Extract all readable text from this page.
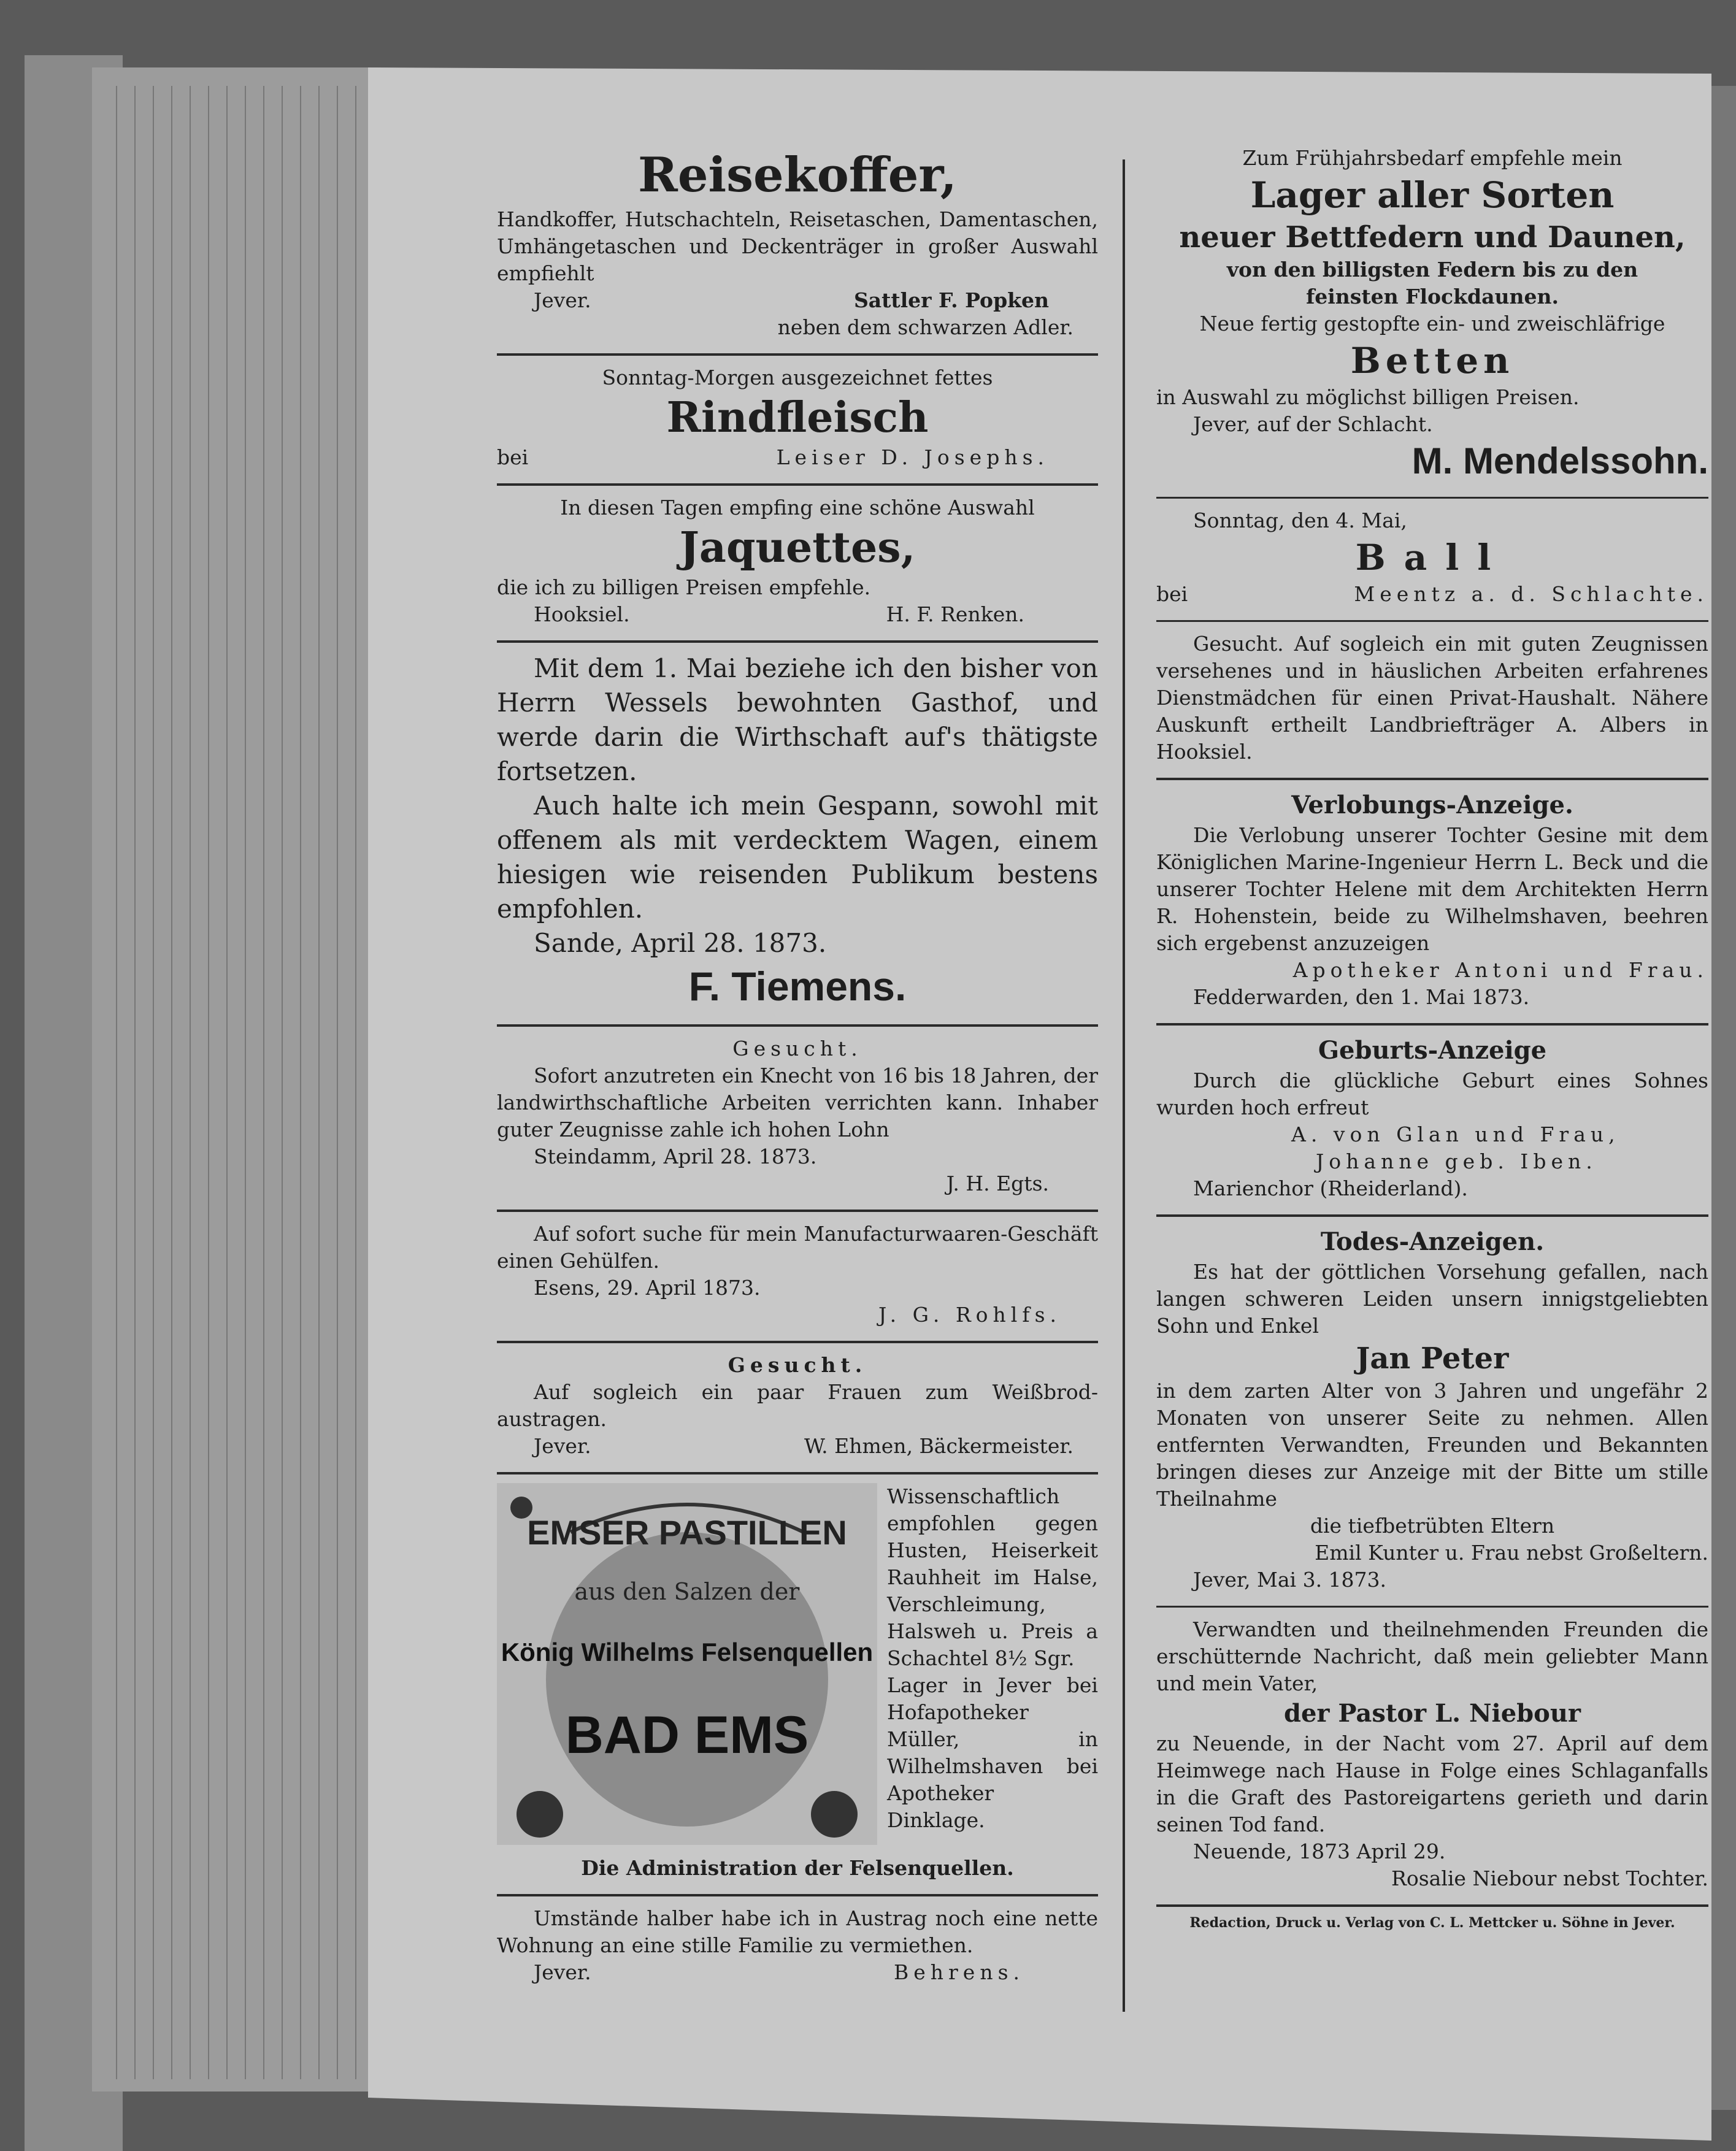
Reisekoffer,
Handkoffer, Hutschachteln, Reisetaschen, Damentaschen, Umhängetaschen und Deckenträger in großer Auswahl empfiehlt
Jever.	Sattler F. Popken
neben dem schwarzen Adler.
Sonntag-Morgen ausgezeichnet fettes
Rindfleisch
bei	Leiser D. Josephs.
In diesen Tagen empfing eine schöne Auswahl
Jaquettes,
die ich zu billigen Preisen empfehle.
Hooksiel.	H. F. Renken.
Mit dem 1. Mai beziehe ich den bisher von Herrn Wessels bewohnten Gasthof, und werde darin die Wirthschaft auf's thätigste fortsetzen.
Auch halte ich mein Gespann, sowohl mit offenem als mit verdecktem Wagen, einem hiesigen wie reisenden Publikum bestens empfohlen.
Sande, April 28. 1873.
F. Tiemens.
Gesucht.
Sofort anzutreten ein Knecht von 16 bis 18 Jahren, der landwirthschaftliche Arbeiten verrichten kann. Inhaber guter Zeugnisse zahle ich hohen Lohn
Steindamm, April 28. 1873.
J. H. Egts.
Auf sofort suche für mein Manufacturwaaren-Geschäft einen Gehülfen.
Esens, 29. April 1873.
J. G. Rohlfs.
Gesucht.
Auf sogleich ein paar Frauen zum Weißbrod-austragen.
Jever.	W. Ehmen, Bäckermeister.
EMSER PASTILLEN
aus den Salzen der
König Wilhelms Felsenquellen
BAD EMS
Wissenschaftlich empfohlen gegen Husten, Heiserkeit Rauhheit im Halse, Verschleimung, Halsweh u. Preis a Schachtel 8½ Sgr.
Lager in Jever bei Hofapotheker Müller, in Wilhelmshaven bei Apotheker Dinklage.
Die Administration der Felsenquellen.
Umstände halber habe ich in Austrag noch eine nette Wohnung an eine stille Familie zu vermiethen.
Jever.	Behrens.
Zum Frühjahrsbedarf empfehle mein
Lager aller Sorten
neuer Bettfedern und Daunen,
von den billigsten Federn bis zu den
feinsten Flockdaunen.
Neue fertig gestopfte ein- und zweischläfrige
Betten
in Auswahl zu möglichst billigen Preisen.
Jever, auf der Schlacht.
M. Mendelssohn.
Sonntag, den 4. Mai,
Ball
bei	Meentz a. d. Schlachte.
Gesucht. Auf sogleich ein mit guten Zeugnissen versehenes und in häuslichen Arbeiten erfahrenes Dienstmädchen für einen Privat-Haushalt. Nähere Auskunft ertheilt Landbriefträger A. Albers in Hooksiel.
Verlobungs-Anzeige.
Die Verlobung unserer Tochter Gesine mit dem Königlichen Marine-Ingenieur Herrn L. Beck und die unserer Tochter Helene mit dem Architekten Herrn R. Hohenstein, beide zu Wilhelmshaven, beehren sich ergebenst anzuzeigen
Apotheker Antoni und Frau.
Fedderwarden, den 1. Mai 1873.
Geburts-Anzeige
Durch die glückliche Geburt eines Sohnes wurden hoch erfreut
A. von Glan und Frau,
Johanne geb. Iben.
Marienchor (Rheiderland).
Todes-Anzeigen.
Es hat der göttlichen Vorsehung gefallen, nach langen schweren Leiden unsern innigstgeliebten Sohn und Enkel
Jan Peter
in dem zarten Alter von 3 Jahren und ungefähr 2 Monaten von unserer Seite zu nehmen. Allen entfernten Verwandten, Freunden und Bekannten bringen dieses zur Anzeige mit der Bitte um stille Theilnahme
die tiefbetrübten Eltern
Emil Kunter u. Frau nebst Großeltern.
Jever, Mai 3. 1873.
Verwandten und theilnehmenden Freunden die erschütternde Nachricht, daß mein geliebter Mann und mein Vater,
der Pastor L. Niebour
zu Neuende, in der Nacht vom 27. April auf dem Heimwege nach Hause in Folge eines Schlaganfalls in die Graft des Pastoreigartens gerieth und darin seinen Tod fand.
Neuende, 1873 April 29.
Rosalie Niebour nebst Tochter.
Redaction, Druck u. Verlag von C. L. Mettcker u. Söhne in Jever.
